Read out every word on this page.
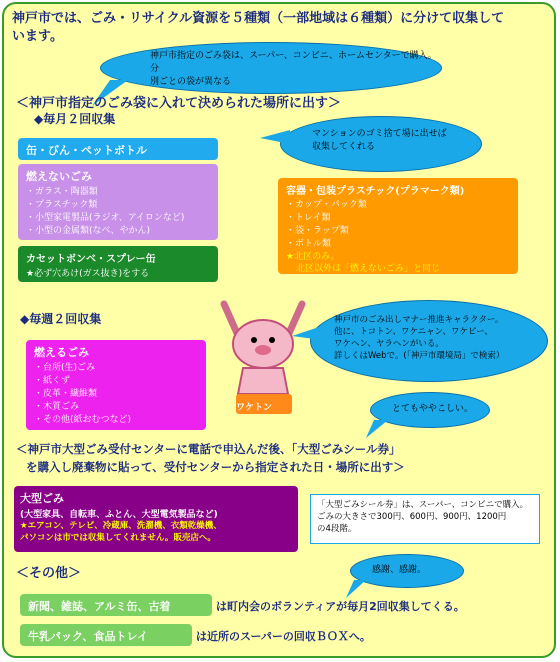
神戸市では、ごみ・リサイクル資源を５種類（一部地域は６種類）に分けて収集して
います。
神戸市指定のごみ袋は、スーパー、コンビニ、ホームセンターで購入。分
別ごとの袋が異なる
＜神戸市指定のごみ袋に入れて決められた場所に出す＞
◆毎月２回収集
マンションのゴミ捨て場に出せば
収集してくれる
缶・びん・ペットボトル
燃えないごみ
・ガラス・陶器類
・プラスチック類
・小型家電製品(ラジオ、アイロンなど)
・小型の金属類(なべ、やかん)
カセットボンベ・スプレー缶
★必ず穴あけ(ガス抜き)をする
容器・包装プラスチック(プラマーク類)
・カップ・パック類
・トレイ類
・袋・ラップ類
・ボトル類
★北区のみ。
北区以外は「燃えないごみ」と同じ
◆毎週２回収集
燃えるごみ
・台所(生)ごみ
・紙くず
・皮革・繊維類
・木質ごみ
・その他(紙おむつなど)
ワケトン
神戸市のごみ出しマナー推進キャラクター。
他に、トコトン、ワケニャン、ワケピー、
ワケヘン、ヤラヘンがいる。
詳しくはWebで。(「神戸市環境局」で検索）
とてもややこしい。
＜神戸市大型ごみ受付センターに電話で申込んだ後、「大型ごみシール券」
を購入し廃棄物に貼って、受付センターから指定された日・場所に出す＞
大型ごみ
(大型家具、自転車、ふとん、大型電気製品など)
★エアコン、テレビ、冷蔵庫、洗濯機、衣類乾燥機、
パソコンは市では収集してくれません。販売店へ。
「大型ごみシール券」は、スーパー、コンビニで購入。
ごみの大きさで300円、600円、900円、1200円
の4段階。
＜その他＞	感謝、感謝。
新聞、雑誌、アルミ缶、古着	は町内会のボランティアが毎月2回収集してくる。
牛乳パック、食品トレイ	は近所のスーパーの回収ＢＯＸへ。
